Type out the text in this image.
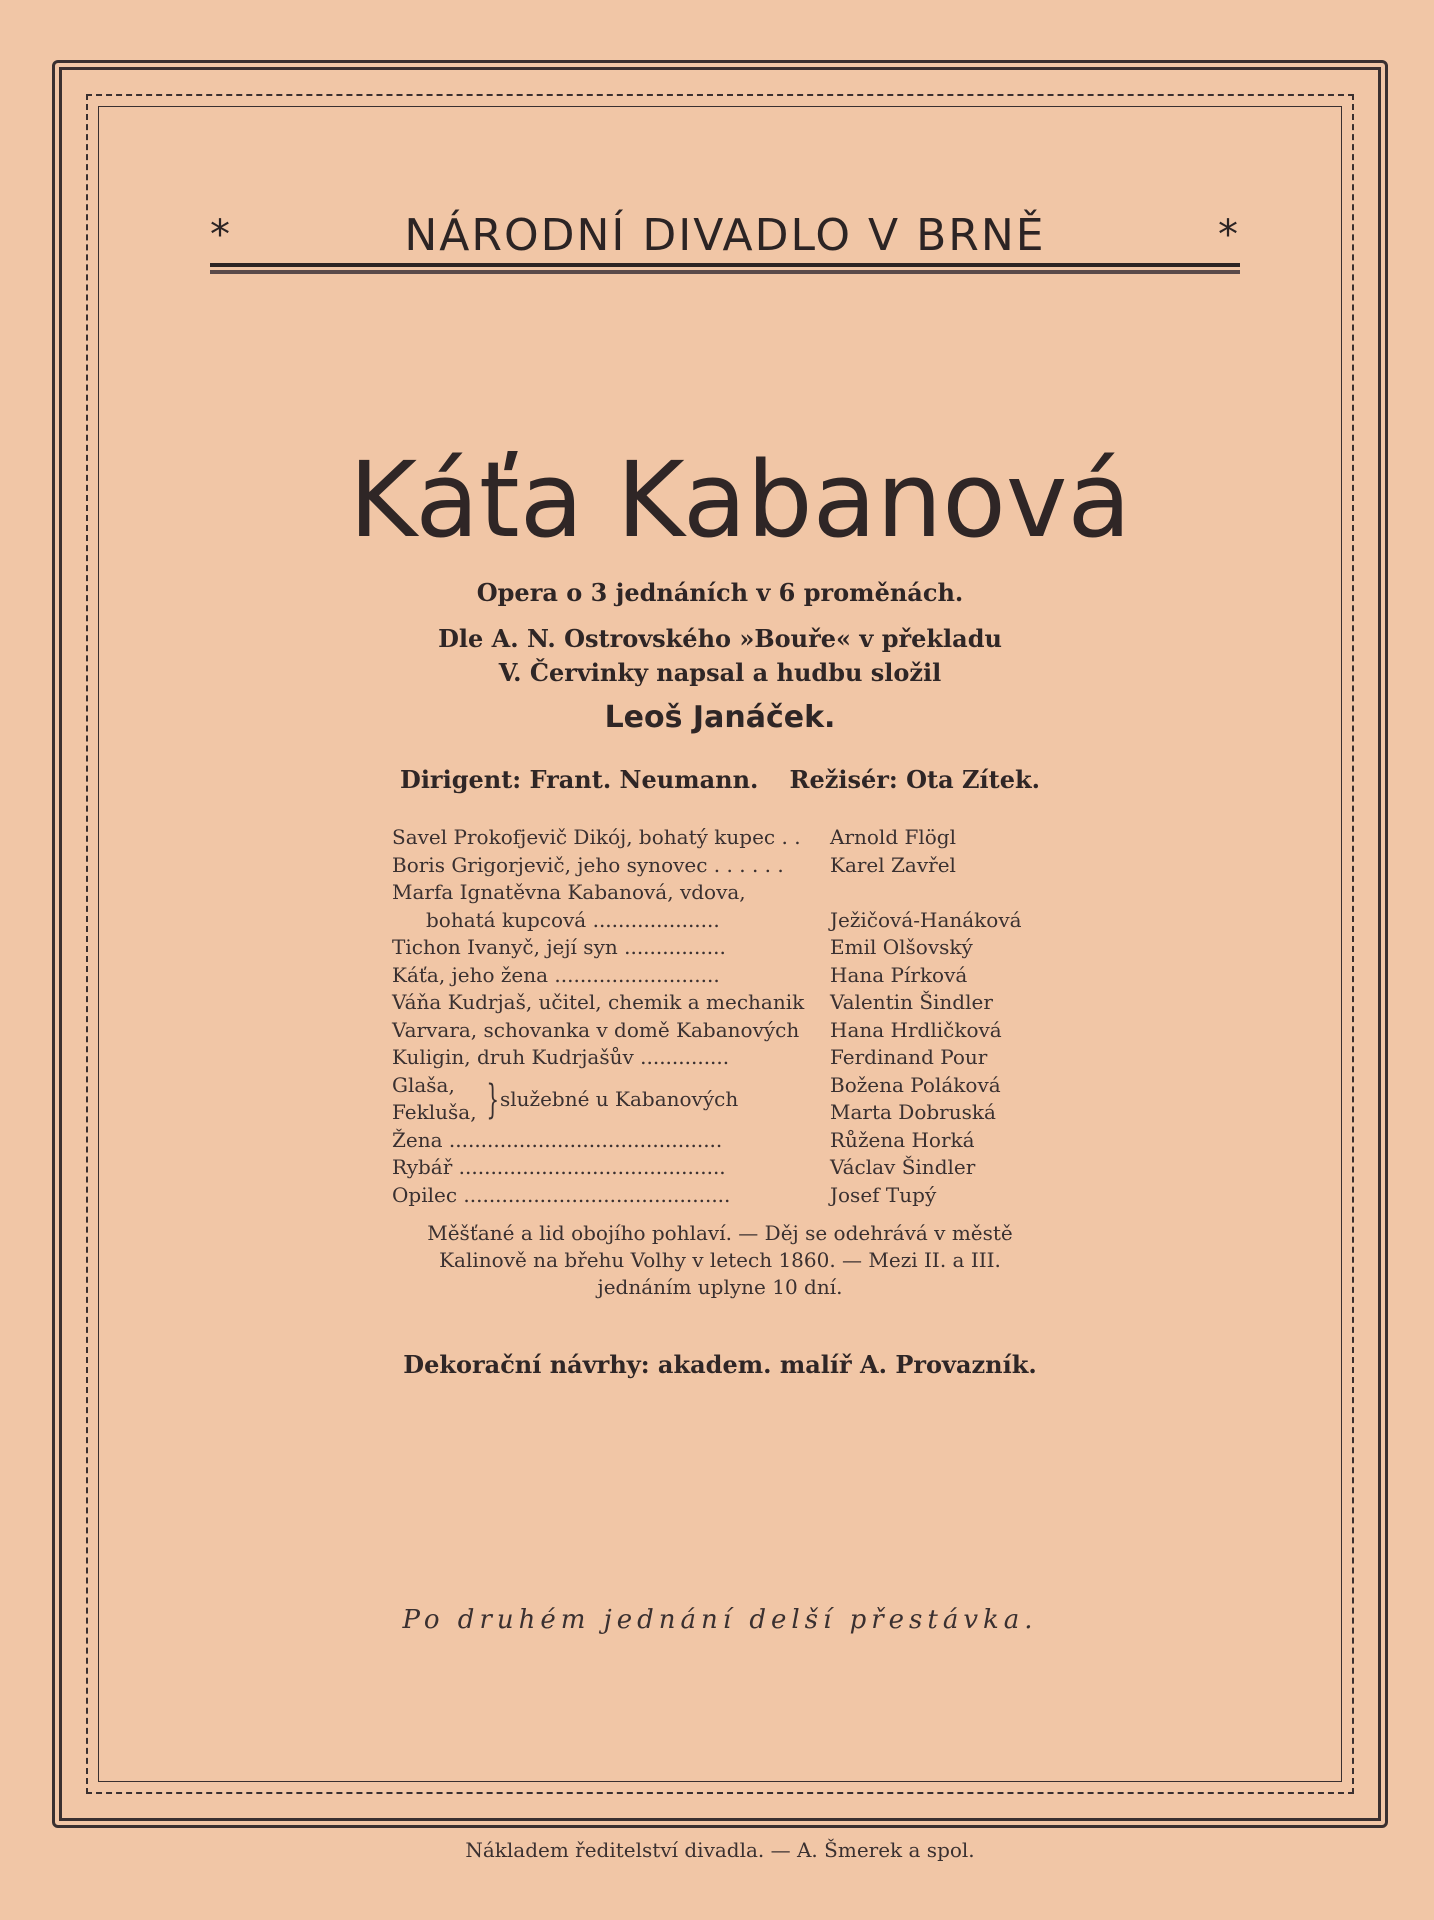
*	NÁRODNÍ DIVADLO V BRNĚ	*
Káťa Kabanová
Opera o 3 jednáních v 6 proměnách.
Dle A. N. Ostrovského »Bouře« v překladu
V. Červinky napsal a hudbu složil
Leoš Janáček.
Dirigent: Frant. Neumann. Režisér: Ota Zítek.
Savel Prokofjevič Dikój, bohatý kupec . . Arnold Flögl
Boris Grigorjevič, jeho synovec . . . . . . Karel Zavřel
Marfa Ignatěvna Kabanová, vdova,
bohatá kupcová ....................	Ježičová-Hanáková
Tichon Ivanyč, její syn ................	Emil Olšovský
Káťa, jeho žena ..........................	Hana Pírková
Váňa Kudrjaš, učitel, chemik a mechanik Valentin Šindler
Varvara, schovanka v domě Kabanových Hana Hrdličková
Kuligin, druh Kudrjašův ..............	Ferdinand Pour
Glaša,	Božena Poláková
Fekluša,	Marta Dobruská
} služebné u Kabanových
Žena ...........................................	Růžena Horká
Rybář ..........................................	Václav Šindler
Opilec ..........................................	Josef Tupý
Měšťané a lid obojího pohlaví. — Děj se odehrává v městě
Kalinově na břehu Volhy v letech 1860. — Mezi II. a III.
jednáním uplyne 10 dní.
Dekorační návrhy: akadem. malíř A. Provazník.
Po druhém jednání delší přestávka.
Nákladem ředitelství divadla. — A. Šmerek a spol.
